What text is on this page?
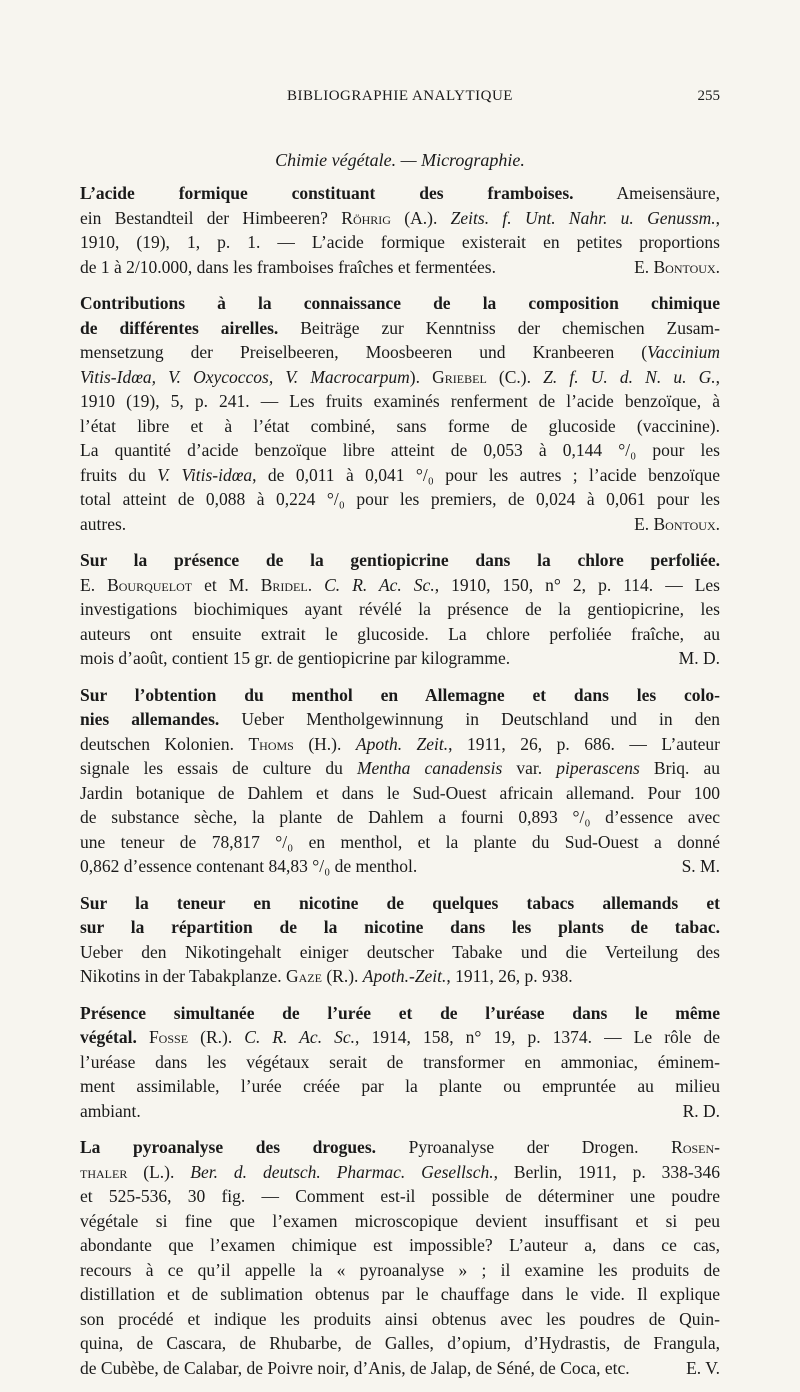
BIBLIOGRAPHIE ANALYTIQUE	255
Chimie végétale. — Micrographie.
L’acide formique constituant des framboises. Ameisensäure,
ein Bestandteil der Himbeeren? Röhrig (A.). Zeits. f. Unt. Nahr. u. Genussm.,
1910, (19), 1, p. 1. — L’acide formique existerait en petites proportions
E. Bontoux.
de 1 à 2/10.000, dans les framboises fraîches et fermentées.
Contributions à la connaissance de la composition chimique
de différentes airelles. Beiträge zur Kenntniss der chemischen Zusam-
mensetzung der Preiselbeeren, Moosbeeren und Kranbeeren (Vaccinium
Vitis-Idœa, V. Oxycoccos, V. Macrocarpum). Griebel (C.). Z. f. U. d. N. u. G.,
1910 (19), 5, p. 241. — Les fruits examinés renferment de l’acide benzoïque, à
l’état libre et à l’état combiné, sans forme de glucoside (vaccinine).
La quantité d’acide benzoïque libre atteint de 0,053 à 0,144 °/₀ pour les
fruits du V. Vitis-idœa, de 0,011 à 0,041 °/₀ pour les autres ; l’acide benzoïque
total atteint de 0,088 à 0,224 °/₀ pour les premiers, de 0,024 à 0,061 pour les
E. Bontoux.
autres.
Sur la présence de la gentiopicrine dans la chlore perfoliée.
E. Bourquelot et M. Bridel. C. R. Ac. Sc., 1910, 150, n° 2, p. 114. — Les
investigations biochimiques ayant révélé la présence de la gentiopicrine, les
auteurs ont ensuite extrait le glucoside. La chlore perfoliée fraîche, au
M. D.
mois d’août, contient 15 gr. de gentiopicrine par kilogramme.
Sur l’obtention du menthol en Allemagne et dans les colo-
nies allemandes. Ueber Mentholgewinnung in Deutschland und in den
deutschen Kolonien. Thoms (H.). Apoth. Zeit., 1911, 26, p. 686. — L’auteur
signale les essais de culture du Mentha canadensis var. piperascens Briq. au
Jardin botanique de Dahlem et dans le Sud-Ouest africain allemand. Pour 100
de substance sèche, la plante de Dahlem a fourni 0,893 °/₀ d’essence avec
une teneur de 78,817 °/₀ en menthol, et la plante du Sud-Ouest a donné
S. M.
0,862 d’essence contenant 84,83 °/₀ de menthol.
Sur la teneur en nicotine de quelques tabacs allemands et
sur la répartition de la nicotine dans les plants de tabac.
Ueber den Nikotingehalt einiger deutscher Tabake und die Verteilung des
Nikotins in der Tabakplanze. Gaze (R.). Apoth.-Zeit., 1911, 26, p. 938.
Présence simultanée de l’urée et de l’uréase dans le même
végétal. Fosse (R.). C. R. Ac. Sc., 1914, 158, n° 19, p. 1374. — Le rôle de
l’uréase dans les végétaux serait de transformer en ammoniac, éminem-
ment assimilable, l’urée créée par la plante ou empruntée au milieu
R. D.
ambiant.
La pyroanalyse des drogues. Pyroanalyse der Drogen. Rosen-
thaler (L.). Ber. d. deutsch. Pharmac. Gesellsch., Berlin, 1911, p. 338-346
et 525-536, 30 fig. — Comment est-il possible de déterminer une poudre
végétale si fine que l’examen microscopique devient insuffisant et si peu
abondante que l’examen chimique est impossible? L’auteur a, dans ce cas,
recours à ce qu’il appelle la « pyroanalyse » ; il examine les produits de
distillation et de sublimation obtenus par le chauffage dans le vide. Il explique
son procédé et indique les produits ainsi obtenus avec les poudres de Quin-
quina, de Cascara, de Rhubarbe, de Galles, d’opium, d’Hydrastis, de Frangula,
E. V.
de Cubèbe, de Calabar, de Poivre noir, d’Anis, de Jalap, de Séné, de Coca, etc.
